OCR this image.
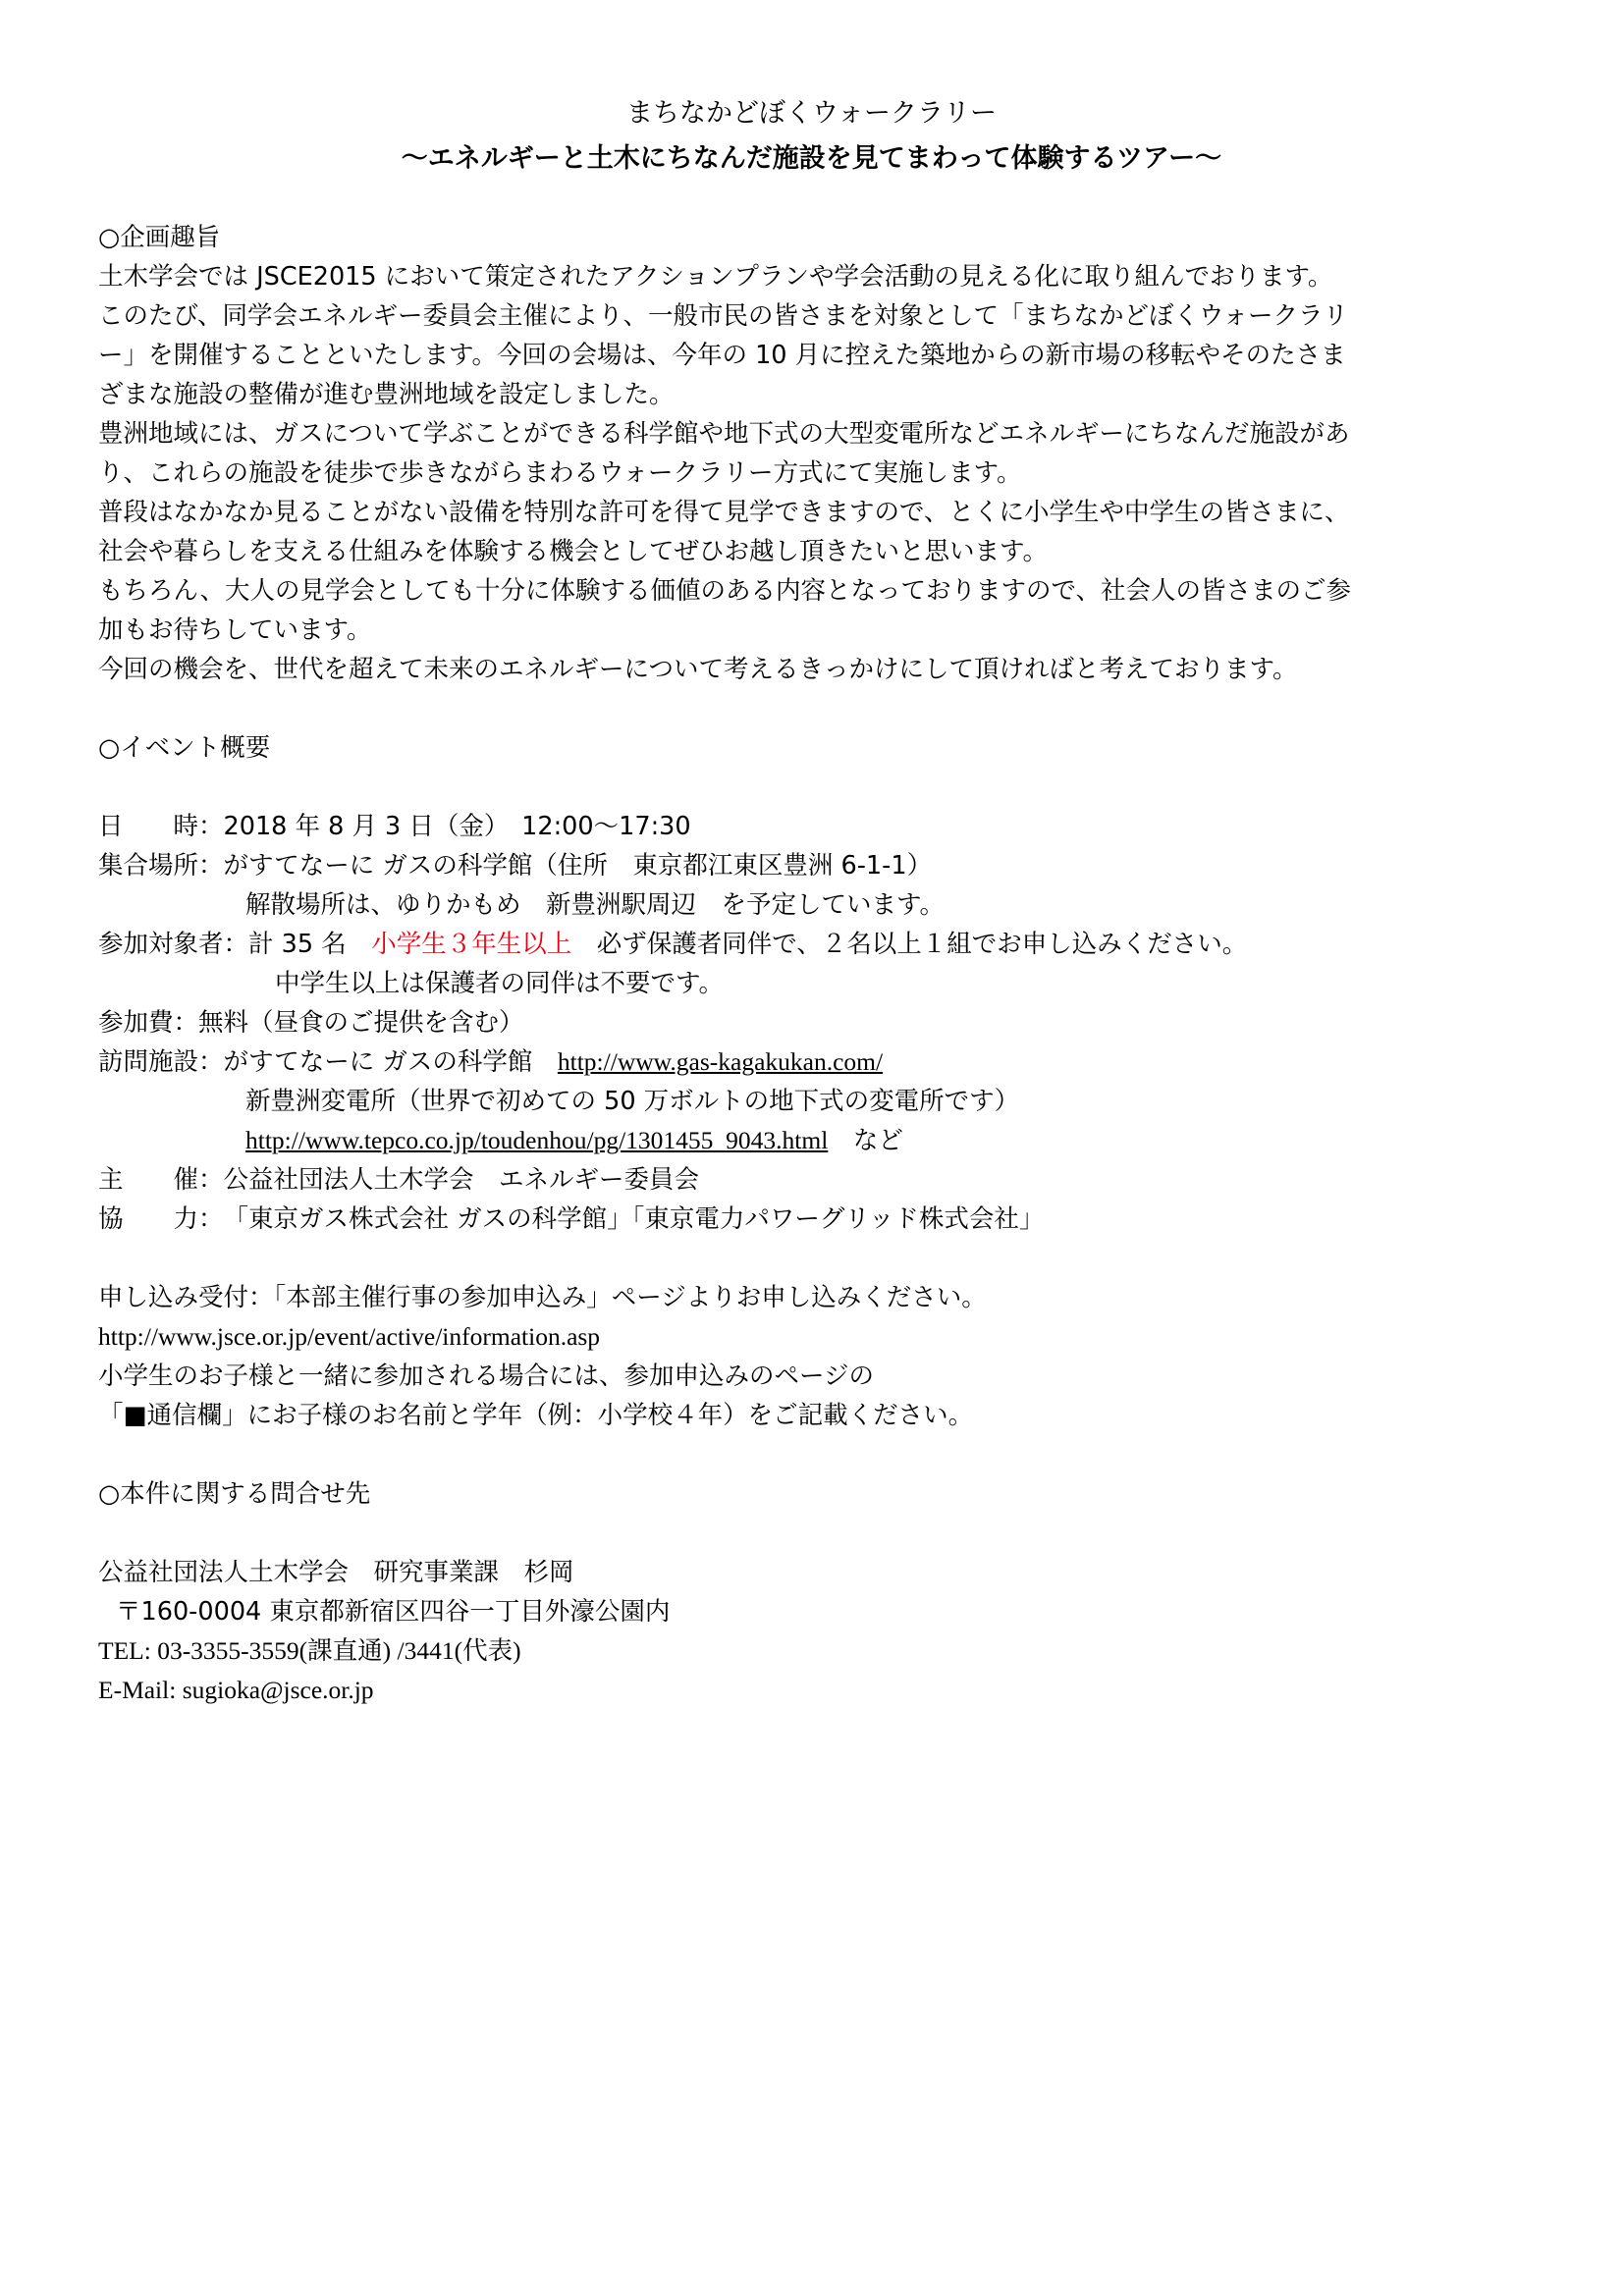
まちなかどぼくウォークラリー
～エネルギーと土木にちなんだ施設を見てまわって体験するツアー～
○企画趣旨
土木学会では JSCE2015 において策定されたアクションプランや学会活動の見える化に取り組んでおります。
このたび、同学会エネルギー委員会主催により、一般市民の皆さまを対象として「まちなかどぼくウォークラリ
ー」を開催することといたします。今回の会場は、今年の 10 月に控えた築地からの新市場の移転やそのたさま
ざまな施設の整備が進む豊洲地域を設定しました。
豊洲地域には、ガスについて学ぶことができる科学館や地下式の大型変電所などエネルギーにちなんだ施設があ
り、これらの施設を徒歩で歩きながらまわるウォークラリー方式にて実施します。
普段はなかなか見ることがない設備を特別な許可を得て見学できますので、とくに小学生や中学生の皆さまに、
社会や暮らしを支える仕組みを体験する機会としてぜひお越し頂きたいと思います。
もちろん、大人の見学会としても十分に体験する価値のある内容となっておりますので、社会人の皆さまのご参
加もお待ちしています。
今回の機会を、世代を超えて未来のエネルギーについて考えるきっかけにして頂ければと考えております。
○イベント概要
日　　時：2018 年 8 月 3 日（金）　12:00～17:30
集合場所：がすてなーに ガスの科学館（住所　東京都江東区豊洲 6-1-1）
解散場所は、ゆりかもめ　新豊洲駅周辺　を予定しています。
参加対象者：計 35 名　小学生３年生以上　必ず保護者同伴で、２名以上１組でお申し込みください。
中学生以上は保護者の同伴は不要です。
参加費：無料（昼食のご提供を含む）
訪問施設：がすてなーに ガスの科学館　http://www.gas-kagakukan.com/
新豊洲変電所（世界で初めての 50 万ボルトの地下式の変電所です）
http://www.tepco.co.jp/toudenhou/pg/1301455_9043.html　など
主　　催：公益社団法人土木学会　エネルギー委員会
協　　力：「東京ガス株式会社 ガスの科学館」「東京電力パワーグリッド株式会社」
申し込み受付：「本部主催行事の参加申込み」ページよりお申し込みください。
http://www.jsce.or.jp/event/active/information.asp
小学生のお子様と一緒に参加される場合には、参加申込みのページの
「■通信欄」にお子様のお名前と学年（例：小学校４年）をご記載ください。
○本件に関する問合せ先
公益社団法人土木学会　研究事業課　杉岡
〒160-0004 東京都新宿区四谷一丁目外濠公園内
TEL: 03-3355-3559(課直通) /3441(代表)
E-Mail: sugioka@jsce.or.jp
